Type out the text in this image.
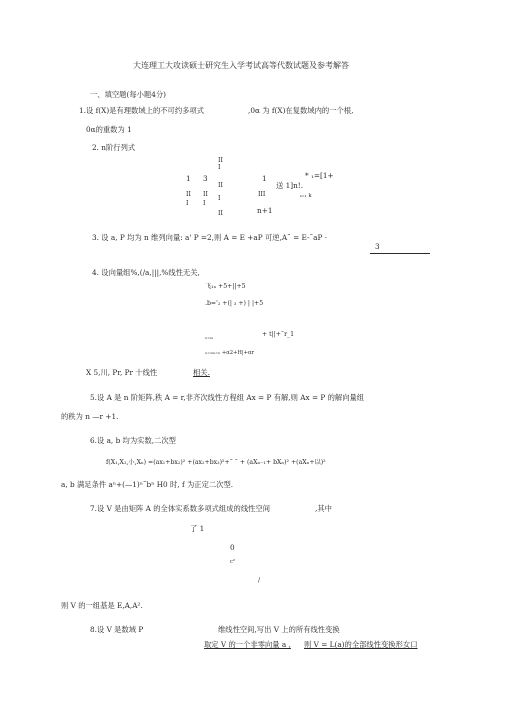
大连理工大攻读硕士研究生入学考试高等代数试题及参考解答
一、填空题(每小题4分)
1.设 f(X)是有理数域上的不可约多项式	,0α 为 f(X)在复数域内的一个根,
0α的重数为 1
2. n阶行列式
II
I
1 3	1
II
II II
I
III
I I
II	n+1
* ₁=[1+
送 1]n!.
ₖ₌₁ k
3. 设 a, P 均为 n 维列向量: a' P =2,则 A = E +aP 可逆,A˜ = E-˜aP ·
3
4. 设向量组%,(/a,|||,%线性无关,
飞₁ₐ +5+||+5
.b='₂ +(| ₃ +) | |+5
ₙ₌ₘ	+ t||+˜r_1
ₙ₌₁ₘ₌ₙ +α2+H|+αr
X 5,川, Pr, Pr 十线性	相关.
5.设 A 是 n 阶矩阵,秩 A = r,非齐次线性方程组 Ax = P 有解,则 Ax = P 的解向量组
的秩为 n —r +1.
6.设 a, b 均为实数,二次型
f(X₁,X₂,小,Xₙ) =(ax₁+bx₂)² +(ax₂+bx₃)²+˜ ˜ + (aXₙ₋₁+ bXₙ)² +(aXₙ+以)²
a, b 满足条件 aⁿ+(—1)ⁿ˜bⁿ H0 时, f 为正定二次型.
7.设 V 是由矩阵 A 的全体实系数多项式组成的线性空间	,其中
了 1
0
c²
/
则 V 的一组基是 E,A,A².
8.设 V 是数域 P	维线性空间,写出 V 上的所有线性变换
取定 V 的一个非零向量 a , 则 V = L(a)的全部线性变换形女口
